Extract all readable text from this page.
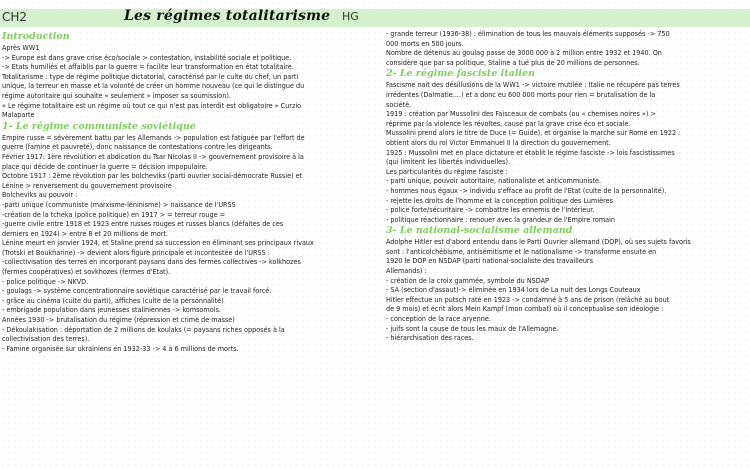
CH2	Les régimes totalitarisme HG
Introduction
Après WW1
-> Europe est dans grave crise éco/sociale > contestation, instabilité sociale et politique.
-> Etats humiliés et affaiblis par la guerre = facilite leur transformation en état totalitaire.
Totalitarisme : type de régime politique dictatorial, caractérisé par le culte du chef, un parti
unique, la terreur en masse et la volonté de créer un homme nouveau (ce qui le distingue du
régime autoritaire qui souhaite « seulement » imposer sa soumission).
« Le régime totalitaire est un régime où tout ce qui n'est pas interdit est obligatoire » Curzio
Malaparte
1- Le régime communiste soviétique
Empire russe = sévèrement battu par les Allemands -> population est fatiguée par l'effort de
guerre (famine et pauvreté), donc naissance de contestations contre les dirigeants.
Février 1917: 1ère révolution et abdication du Tsar Nicolas II -> gouvernement provisoire à la
place qui décide de continuer la guerre = décision impopulaire.
Octobre 1917 : 2ème révolution par les bolcheviks (parti ouvrier social-démocrate Russie) et
Lénine > renversement du gouvernement provisoire
Bolcheviks au pouvoir :
-parti unique (communiste (marxisme-léninisme) > naissance de l'URSS
-création de la tcheka (police politique) en 1917 > = terreur rouge =
-guerre civile entre 1918 et 1923 entre russes rouges et russes blancs (défaites de ces
derniers en 1924) > entre 8 et 20 millions de mort.
Lénine meurt en janvier 1924, et Staline prend sa succession en éliminant ses principaux rivaux
(Trotski et Boukharine) -> devient alors figure principale et incontestée de l'URSS :
-collectivisation des terres en incorporant paysans dans des fermes collectives -> kolkhozes
(fermes coopératives) et sovkhozes (fermes d'Etat).
- police politique -> NKVD.
- goulags -> système concentrationnaire soviétique caractérisé par le travail forcé.
- grâce au cinéma (culte du parti), affiches (culte de la personnalité)
- embrigade population dans jeunesses staliniennes -> komsomols.
Années 1930 -> brutalisation du régime (répression et crime de masse)
- Dékoulakisation : déportation de 2 millions de koulaks (= paysans riches opposés à la
collectivisation des terres).
- Famine organisée sur ukrainiens en 1932-33 -> 4 à 6 millions de morts.
- grande terreur (1936-38) : élimination de tous les mauvais éléments supposés -> 750
000 morts en 500 jours.
Nombre de détenus au goulag passe de 3000 000 à 2 million entre 1932 et 1940. On
considère que par sa politique, Staline a tué plus de 20 millions de personnes.
2- Le régime fasciste italien
Fascisme nait des désillusions de la WW1 -> victoire mutilée : Italie ne récupère pas terres
irrédentes (Dalmatie....) et a donc eu 600 000 morts pour rien = brutalisation de la
société.
1919 : création par Mussolini des Faisceaux de combats (ou « chemises noires ») >
réprime par la violence les révoltes, causé par la grave crise éco et sociale.
Mussolini prend alors le titre de Duce (= Guide), et organise la marche sur Rome en 1922 :
obtient alors du roi Victor Emmanuel II la direction du gouvernement.
1925 : Mussolini met en place dictature et établit le régime fasciste -> lois fascistissimes
(qui limitent les libertés individuelles).
Les particularités du régime fasciste :
- parti unique, pouvoir autoritaire, nationaliste et anticommuniste.
- hommes nous égaux -> individu s'efface au profit de l'Etat (culte de la personnalité).
- rejette les droits de l'homme et la conception politique des Lumières
- police forte/sécuritaire -> combattre les ennemis de l'intérieur.
- politique réactionnaire : renouer avec la grandeur de l'Empire romain
3- Le national-socialisme allemand
Adolphe Hitler est d'abord entendu dans le Parti Ouvrier allemand (DOP), où ses sujets favoris
sont : l'anticolchébisme, antisémitisme et le nationalisme -> transforme ensuite en
1920 le DOP en NSDAP (parti national-socialiste des travailleurs
Allemands) :
- création de la croix gammée, symbole du NSDAP
- SA (section d'assaut)-> éliminée en 1934 lors de La nuit des Longs Couteaux
Hitler effectue un putsch raté en 1923 -> condamné à 5 ans de prison (relâché au bout
de 9 mois) et écrit alors Mein Kampf (mon combat) où il conceptualise son idéologie :
- conception de la race aryenne.
- juifs sont la cause de tous les maux de l'Allemagne.
- hiérarchisation des races.
